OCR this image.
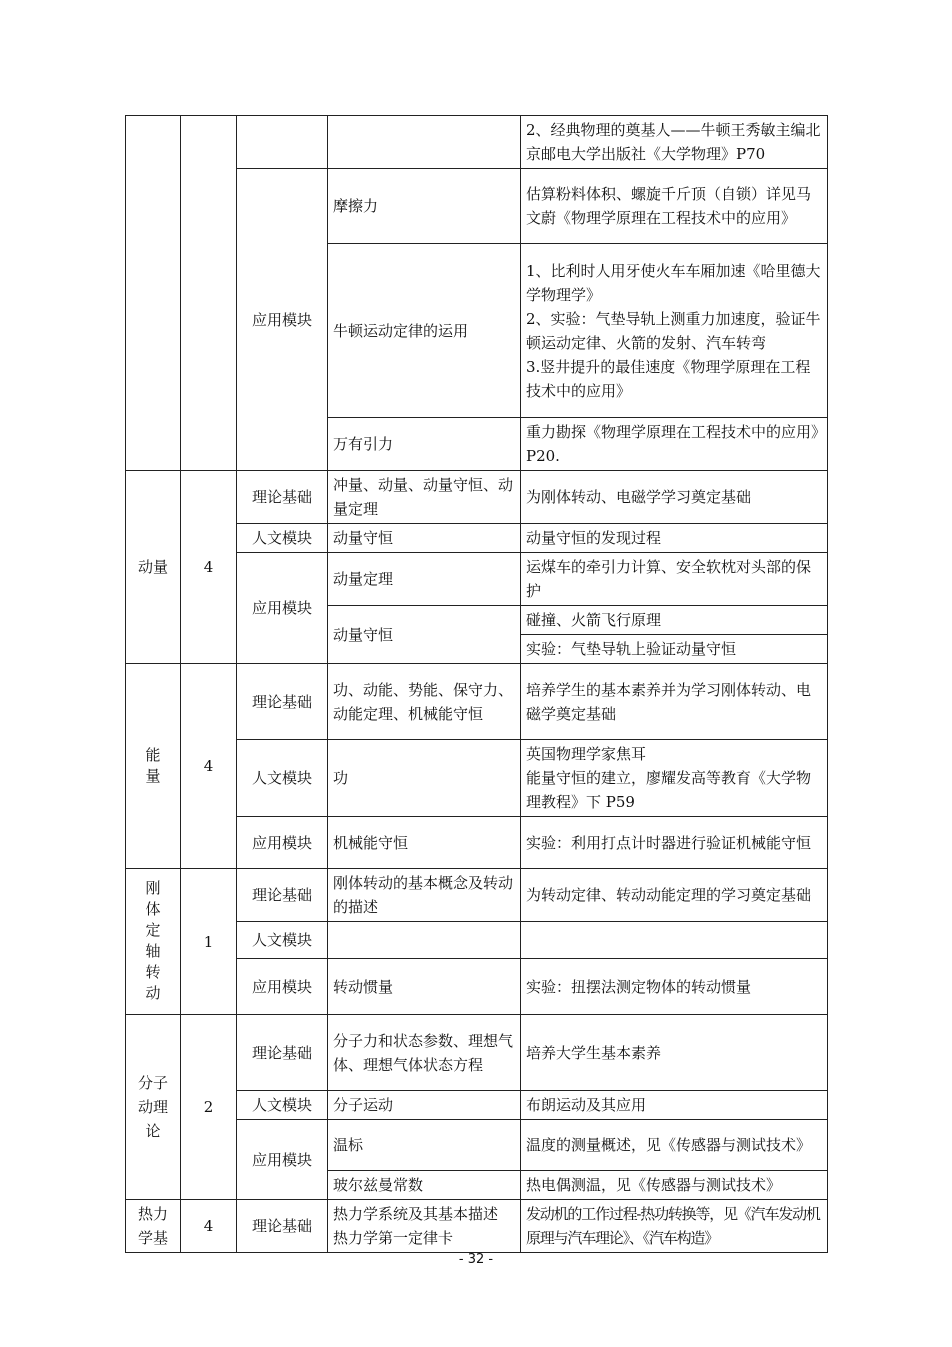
				2、经典物理的奠基人——牛顿王秀敏主编北京邮电大学出版社《大学物理》P70
		应用模块	摩擦力	估算粉料体积、螺旋千斤顶（自锁）详见马文蔚《物理学原理在工程技术中的应用》
			牛顿运动定律的运用	1、比利时人用牙使火车车厢加速《哈里德大学物理学》
2、实验：气垫导轨上测重力加速度，验证牛顿运动定律、火箭的发射、汽车转弯
3.竖井提升的最佳速度《物理学原理在工程技术中的应用》

			万有引力	重力勘探《物理学原理在工程技术中的应用》P20.
动量	4	理论基础	冲量、动量、动量守恒、动量定理	为刚体转动、电磁学学习奠定基础
		人文模块	动量守恒	动量守恒的发现过程
		应用模块	动量定理	运煤车的牵引力计算、安全软枕对头部的保护
			动量守恒	碰撞、火箭飞行原理
				实验：气垫导轨上验证动量守恒
能量	4	理论基础	功、动能、势能、保守力、动能定理、机械能守恒	培养学生的基本素养并为学习刚体转动、电磁学奠定基础
		人文模块	功	英国物理学家焦耳
能量守恒的建立，廖耀发高等教育《大学物理教程》下 P59

		应用模块	机械能守恒	实验：利用打点计时器进行验证机械能守恒
刚体定轴转动	1	理论基础	刚体转动的基本概念及转动的描述	为转动定律、转动动能定理的学习奠定基础
		人文模块		
		应用模块	转动惯量	实验：扭摆法测定物体的转动惯量
分子动理论	2	理论基础	分子力和状态参数、理想气体、理想气体状态方程	培养大学生基本素养
		人文模块	分子运动	布朗运动及其应用
		应用模块	温标	温度的测量概述，见《传感器与测试技术》
			玻尔兹曼常数	热电偶测温，见《传感器与测试技术》
热力学基	4	理论基础	热力学系统及其基本描述　热力学第一定律卡	发动机的工作过程-热功转换等，见《汽车发动机原理与汽车理论》、《汽车构造》
- 32 -
